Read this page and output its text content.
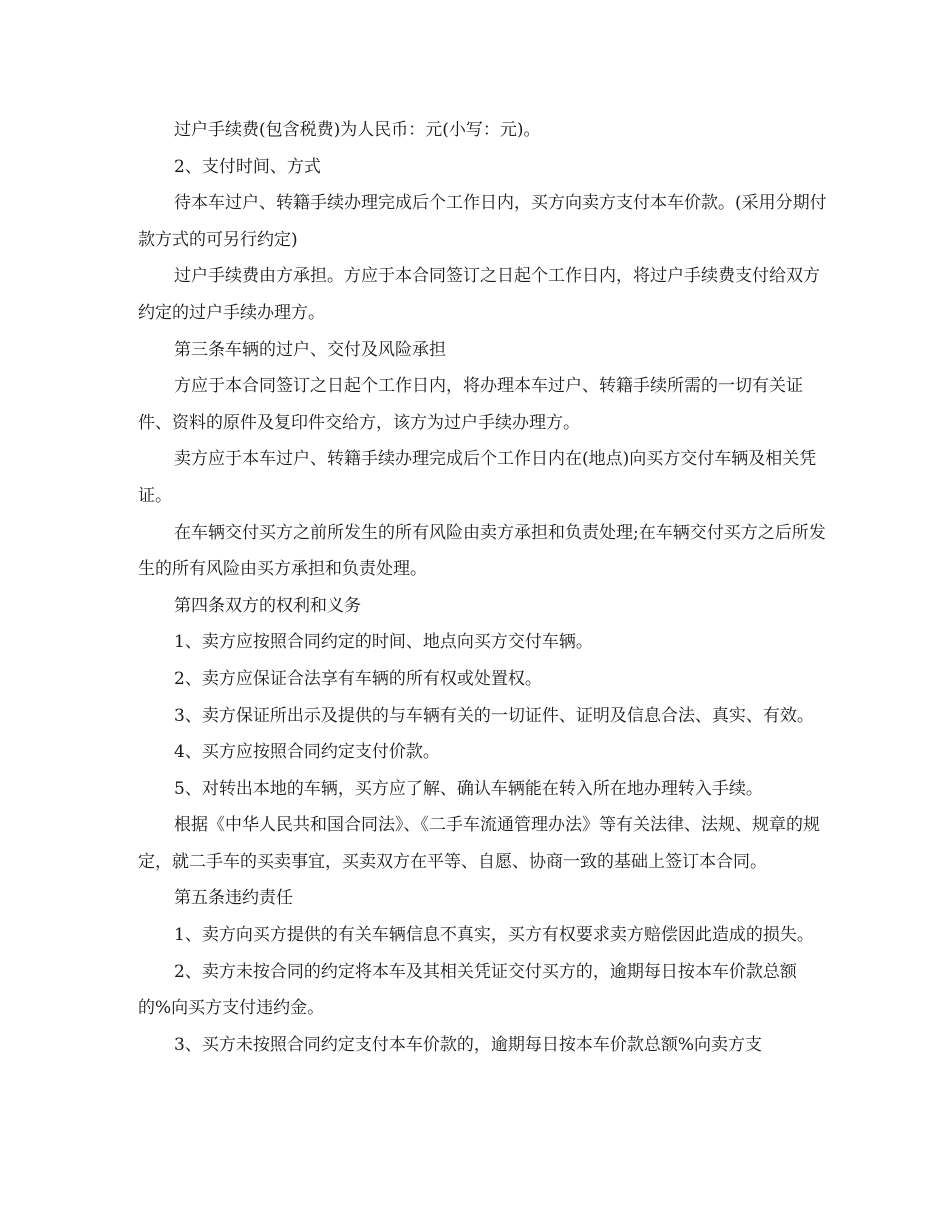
过户手续费(包含税费)为人民币：元(小写：元)。

2、支付时间、方式

待本车过户、转籍手续办理完成后个工作日内，买方向卖方支付本车价款。(采用分期付款方式的可另行约定)

过户手续费由方承担。方应于本合同签订之日起个工作日内，将过户手续费支付给双方约定的过户手续办理方。

第三条车辆的过户、交付及风险承担

方应于本合同签订之日起个工作日内，将办理本车过户、转籍手续所需的一切有关证件、资料的原件及复印件交给方，该方为过户手续办理方。

卖方应于本车过户、转籍手续办理完成后个工作日内在(地点)向买方交付车辆及相关凭证。

在车辆交付买方之前所发生的所有风险由卖方承担和负责处理;在车辆交付买方之后所发生的所有风险由买方承担和负责处理。

第四条双方的权利和义务

1、卖方应按照合同约定的时间、地点向买方交付车辆。

2、卖方应保证合法享有车辆的所有权或处置权。

3、卖方保证所出示及提供的与车辆有关的一切证件、证明及信息合法、真实、有效。

4、买方应按照合同约定支付价款。

5、对转出本地的车辆，买方应了解、确认车辆能在转入所在地办理转入手续。

根据《中华人民共和国合同法》、《二手车流通管理办法》等有关法律、法规、规章的规定，就二手车的买卖事宜，买卖双方在平等、自愿、协商一致的基础上签订本合同。

第五条违约责任

1、卖方向买方提供的有关车辆信息不真实，买方有权要求卖方赔偿因此造成的损失。

2、卖方未按合同的约定将本车及其相关凭证交付买方的，逾期每日按本车价款总额的%向买方支付违约金。

3、买方未按照合同约定支付本车价款的，逾期每日按本车价款总额%向卖方支
